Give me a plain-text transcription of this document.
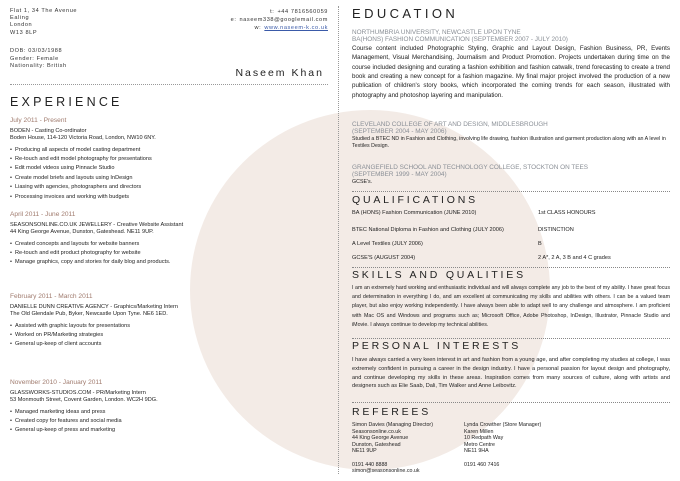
Flat 1, 34 The Avenue
Ealing
London
W13 8LP
t: +44 7816560059
e: naseem338@googlemail.com
w: www.naseem-k.co.uk
DOB: 03/03/1988
Gender: Female
Nationality: British
Naseem Khan
EXPERIENCE
July 2011 - Present
BODEN - Casting Co-ordinator
Boden House, 114-120 Victoria Road, London, NW10 6NY.
• Producing all aspects of model casting department
• Re-touch and edit model photography for presentations
• Edit model videos using Pinnacle Studio
• Create model briefs and layouts using InDesign
• Liasing with agencies, photographers and directors
• Processing invoices and working with budgets
April 2011 - June 2011
SEASONSONLINE.CO.UK JEWELLERY - Creative Website Assistant
44 King George Avenue, Dunston, Gateshead. NE11 9UP.
• Created concepts and layouts for website banners
• Re-touch and edit product photography for website
• Manage graphics, copy and stories for daily blog and products.
February 2011 - March 2011
DANIELLE DUNN CREATIVE AGENCY - Graphics/Marketing Intern
The Old Glendale Pub, Byker, Newcastle Upon Tyne. NE6 1ED.
• Assisted with graphic layouts for presentations
• Worked on PR/Marketing strategies
• General up-keep of client accounts
November 2010 - January 2011
GLASSWORKS-STUDIOS.COM - PR/Marketing Intern
53 Monmouth Street, Covent Garden, London. WC2H 9DG.
• Managed marketing ideas and press
• Created copy for features and social media
• General up-keep of press and marketing
EDUCATION
NORTHUMBRIA UNIVERSITY, NEWCASTLE UPON TYNE
BA(HONS) FASHION COMMUNICATION (SEPTEMBER 2007 - JULY 2010)
Course content included Photographic Styling, Graphic and Layout Design, Fashion Business, PR, Events Management, Visual Merchandising, Journalism and Product Promotion. Projects undertaken during time on the course included designing and curating a fashion exhibition and fashion catwalk, trend forecasting to create a trend book and creating a new concept for a fashion magazine. My final major project involved the production of a new publication of children's story books, which incorporated the coming trends for each season, illustrated with photography and photoshop layering and manipulation.
CLEVELAND COLLEGE OF ART AND DESIGN, MIDDLESBROUGH
(SEPTEMBER 2004 - MAY 2006)
Studied a BTEC ND in Fashion and Clothing, involving life drawing, fashion illustration and garment production along with an A level in Textiles Design.
GRANGEFIELD SCHOOL AND TECHNOLOGY COLLEGE, STOCKTON ON TEES
(SEPTEMBER 1999 - MAY 2004)
GCSE's.
QUALIFICATIONS
BA (HONS) Fashion Communication (JUNE 2010)	1st CLASS HONOURS
BTEC National Diploma in Fashion and Clothing (JULY 2006)	DISTINCTION
A Level Textiles (JULY 2006)	B
GCSE'S (AUGUST 2004)	2 A*, 2 A, 3 B and 4 C grades
SKILLS AND QUALITIES
I am an extremely hard working and enthusiastic individual and will always complete any job to the best of my ability. I have great focus and determination in everything I do, and am excellent at communicating my skills and abilities with others. I can be a valued team player, but also enjoy working independently. I have always been able to adapt well to any challenge and atmosphere. I am proficient with Mac OS and Windows and programs such as; Microsoft Office, Adobe Photoshop, InDesign, Illustrator, Pinnacle Studio and iMovie. I always continue to develop my technical abilities.
PERSONAL INTERESTS
I have always carried a very keen interest in art and fashion from a young age, and after completing my studies at college, I was extremely confident in pursuing a career in the design industry. I have a personal passion for layout design and photography, and continue developing my skills in these areas. Inspiration comes from many sources of culture, along with artists and designers such as Elie Saab, Dali, Tim Walker and Anne Leibovitz.
REFEREES
Simon Davies (Managing Director)
Seasonsonline.co.uk
44 King George Avenue
Dunston, Gateshead
NE11 9UP
0191 440 8888
simon@seasonsonline.co.uk
Lynda Crowther (Store Manager)
Karen Millen
10 Redpath Way
Metro Centre
NE11 9HA
0191 460 7416
